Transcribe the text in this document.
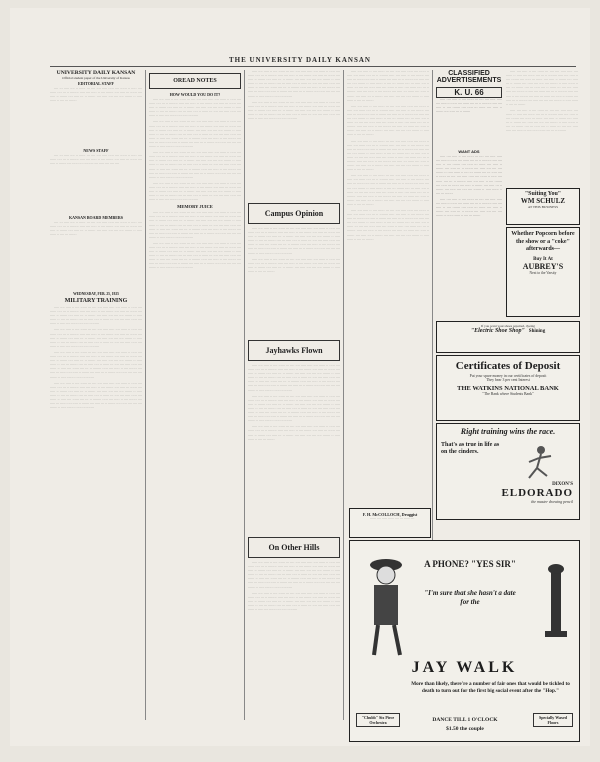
THE UNIVERSITY DAILY KANSAN
UNIVERSITY DAILY KANSAN
Official student paper of the University of Kansas
EDITORIAL STAFF

···· ··· ····· ···· ·· ······ ··· ···· ···· ····· ····· ···· ······ ·· ····· ···· ······ ···· ··· ·· ········ ····· ···· ····· ·· ···· ······· ···· ····· ··· ······ ···· ····· ·· ······· ···· ····· ··· ·· ······· ···· ····· ···· ···· ···· ······· ·· ····· ······ ·· ···· ··· ·······

NEWS STAFF

···· ··· ····· ···· ·· ······ ··· ···· ···· ····· ····· ···· ······ ·· ····· ···· ······ ···· ··· ·· ········ ····· ···· ····· ·· ···· ······· ···· ····· ··· ······ ···· ····· ·· ······· ···· ····· ··· ·· ······· ···· ····· ···· ···· ····

KANSAN BOARD MEMBERS

···· ··· ····· ···· ·· ······ ··· ···· ···· ····· ····· ···· ······ ·· ····· ···· ······ ···· ··· ·· ········ ····· ···· ····· ·· ···· ······· ···· ····· ··· ······ ···· ····· ·· ······· ···· ····· ··· ·· ······· ···· ····· ···· ···· ···· ······· ·· ····· ······ ·· ···· ··· ·······

WEDNESDAY, FEB. 25, 1925
MILITARY TRAINING

····· ···· ····· ·· ···· ······ ··· ···· ···· ····· ····· ···· ······ ·· ····· ···· ······ ···· ··· ·· ········ ····· ···· ····· ·· ···· ······· ···· ····· ··· ······ ···· ····· ·· ······· ···· ····· ··· ·· ······· ···· ····· ···· ···· ···· ······· ·· ····· ······ ·· ···· ··· ······· ···· ··· ····· ···· ·· ······ ··· ···· ···· ····· ····· ···· ······ ·· ····· ···· ······ ···· ··· ·· ········

····· ···· ····· ·· ···· ······ ··· ···· ···· ····· ····· ···· ······ ·· ····· ···· ······ ···· ··· ·· ········ ····· ···· ····· ·· ···· ······· ···· ····· ··· ······ ···· ····· ·· ······· ···· ····· ··· ·· ······· ···· ····· ···· ···· ···· ······· ·· ····· ······ ·· ···· ··· ······· ···· ··· ····· ···· ·· ······ ··· ···· ···· ····· ····· ···· ······ ·· ····· ···· ······ ···· ··· ·· ········

····· ···· ····· ·· ···· ······ ··· ···· ···· ····· ····· ···· ······ ·· ····· ···· ······ ···· ··· ·· ········ ····· ···· ····· ·· ···· ······· ···· ····· ··· ······ ···· ····· ·· ······· ···· ····· ··· ·· ······· ···· ····· ···· ···· ···· ······· ·· ····· ······ ·· ···· ··· ······· ···· ··· ····· ···· ·· ······ ··· ···· ···· ····· ····· ···· ······ ·· ····· ···· ······ ···· ··· ·· ········ ····· ···· ····· ·· ···· ······· ···· ····· ··· ······ ···· ····· ·· ······· ···· ····· ··· ·· ······· ···· ····· ···· ···· ···· ······· ·· ····· ······ ·· ···· ··· ·······

····· ···· ····· ·· ···· ······ ··· ···· ···· ····· ····· ···· ······ ·· ····· ···· ······ ···· ··· ·· ········ ····· ···· ····· ·· ···· ······· ···· ····· ··· ······ ···· ····· ·· ······· ···· ····· ··· ·· ······· ···· ····· ···· ···· ···· ······· ·· ····· ······ ·· ···· ··· ······· ···· ··· ····· ···· ·· ······ ··· ···· ···· ····· ····· ···· ······ ·· ····· ···· ······ ···· ··· ·· ········ ····· ···· ····· ·· ···· ······· ···· ····· ··· ······ ···· ····· ·· ······· ···· ····· ··· ·· ······· ···· ····· ···· ···· ···· ······· ·· ····· ······ ·· ···· ··· ·······

OREAD NOTES
HOW WOULD YOU DO IT?

····· ···· ····· ·· ···· ······ ··· ···· ···· ····· ····· ···· ······ ·· ····· ···· ······ ···· ··· ·· ········ ····· ···· ····· ·· ···· ······· ···· ····· ··· ······ ···· ····· ·· ······· ···· ····· ··· ·· ······· ···· ····· ···· ···· ···· ······· ·· ····· ······ ·· ···· ··· ······· ···· ··· ····· ···· ·· ······ ··· ···· ···· ····· ····· ···· ······ ·· ····· ···· ······ ···· ··· ·· ········

····· ···· ····· ·· ···· ······ ··· ···· ···· ····· ····· ···· ······ ·· ····· ···· ······ ···· ··· ·· ········ ····· ···· ····· ·· ···· ······· ···· ····· ··· ······ ···· ····· ·· ······· ···· ····· ··· ·· ······· ···· ····· ···· ···· ···· ······· ·· ····· ······ ·· ···· ··· ······· ···· ··· ····· ···· ·· ······ ··· ···· ···· ····· ····· ···· ······ ·· ····· ···· ······ ···· ··· ·· ········ ····· ···· ····· ·· ···· ······· ···· ····· ··· ······ ···· ····· ·· ······· ···· ····· ··· ·· ······· ···· ····· ···· ···· ···· ······· ·· ····· ······ ·· ···· ··· ·······

····· ···· ····· ·· ···· ······ ··· ···· ···· ····· ····· ···· ······ ·· ····· ···· ······ ···· ··· ·· ········ ····· ···· ····· ·· ···· ······· ···· ····· ··· ······ ···· ····· ·· ······· ···· ····· ··· ·· ······· ···· ····· ···· ···· ···· ······· ·· ····· ······ ·· ···· ··· ······· ···· ··· ····· ···· ·· ······ ··· ···· ···· ····· ····· ···· ······ ·· ····· ···· ······ ···· ··· ·· ········ ····· ···· ····· ·· ···· ······· ···· ····· ··· ······ ···· ····· ·· ······· ···· ····· ··· ·· ······· ···· ····· ···· ···· ···· ······· ·· ····· ······ ·· ···· ··· ·······

····· ···· ····· ·· ···· ······ ··· ···· ···· ····· ····· ···· ······ ·· ····· ···· ······ ···· ··· ·· ········ ····· ···· ····· ·· ···· ······· ···· ····· ··· ······ ···· ····· ·· ······· ···· ····· ··· ·· ······· ···· ····· ···· ···· ···· ······· ·· ····· ······ ·· ···· ··· ······· ···· ··· ····· ···· ·· ······ ··· ···· ···· ····· ····· ···· ······ ·· ····· ···· ······ ···· ··· ·· ········

MEMORY JUICE

····· ···· ····· ·· ···· ······ ··· ···· ···· ····· ····· ···· ······ ·· ····· ···· ······ ···· ··· ·· ········ ····· ···· ····· ·· ···· ······· ···· ····· ··· ······ ···· ····· ·· ······· ···· ····· ··· ·· ······· ···· ····· ···· ···· ···· ······· ·· ····· ······ ·· ···· ··· ······· ···· ··· ····· ···· ·· ······ ··· ···· ···· ····· ····· ···· ······ ·· ····· ···· ······ ···· ··· ·· ········ ····· ···· ····· ·· ···· ······· ···· ····· ··· ······ ···· ····· ·· ······· ···· ····· ··· ·· ······· ···· ····· ···· ···· ···· ······· ·· ····· ······ ·· ···· ··· ·······

····· ···· ····· ·· ···· ······ ··· ···· ···· ····· ····· ···· ······ ·· ····· ···· ······ ···· ··· ·· ········ ····· ···· ····· ·· ···· ······· ···· ····· ··· ······ ···· ····· ·· ······· ···· ····· ··· ·· ······· ···· ····· ···· ···· ···· ······· ·· ····· ······ ·· ···· ··· ······· ···· ··· ····· ···· ·· ······ ··· ···· ···· ····· ····· ···· ······ ·· ····· ···· ······ ···· ··· ·· ········ ····· ···· ····· ·· ···· ······· ···· ····· ··· ······ ···· ····· ·· ······· ···· ····· ··· ·· ······· ···· ····· ···· ···· ···· ······· ·· ····· ······ ·· ···· ··· ·······

····· ···· ····· ·· ···· ······ ··· ···· ···· ····· ····· ···· ······ ·· ····· ···· ······ ···· ··· ·· ········ ····· ···· ····· ·· ···· ······· ···· ····· ··· ······ ···· ····· ·· ······· ···· ····· ··· ·· ······· ···· ····· ···· ···· ···· ······· ·· ····· ······ ·· ···· ··· ······· ···· ··· ····· ···· ·· ······ ··· ···· ···· ····· ····· ···· ······ ·· ····· ···· ······ ···· ··· ·· ········ ····· ···· ····· ·· ···· ······· ···· ····· ··· ······ ···· ····· ·· ······· ···· ····· ··· ·· ······· ···· ····· ···· ···· ···· ······· ·· ····· ······ ·· ···· ··· ·······

····· ···· ····· ·· ···· ······ ··· ···· ···· ····· ····· ···· ······ ·· ····· ···· ······ ···· ··· ·· ········ ····· ···· ····· ·· ···· ······· ···· ····· ··· ······ ···· ····· ·· ······· ···· ····· ··· ·· ······· ···· ····· ···· ···· ···· ······· ·· ····· ······ ·· ···· ··· ······· ···· ··· ····· ···· ·· ······ ··· ···· ···· ····· ····· ···· ······ ·· ····· ···· ······ ···· ··· ·· ········

Campus Opinion

····· ···· ····· ·· ···· ······ ··· ···· ···· ····· ····· ···· ······ ·· ····· ···· ······ ···· ··· ·· ········ ····· ···· ····· ·· ···· ······· ···· ····· ··· ······ ···· ····· ·· ······· ···· ····· ··· ·· ······· ···· ····· ···· ···· ···· ······· ·· ····· ······ ·· ···· ··· ······· ···· ··· ····· ···· ·· ······ ··· ···· ···· ····· ····· ···· ······ ·· ····· ···· ······ ···· ··· ·· ········ ····· ···· ····· ·· ···· ······· ···· ····· ··· ······ ···· ····· ·· ······· ···· ····· ··· ·· ······· ···· ····· ···· ···· ···· ······· ·· ····· ······ ·· ···· ··· ·······

····· ···· ····· ·· ···· ······ ··· ···· ···· ····· ····· ···· ······ ·· ····· ···· ······ ···· ··· ·· ········ ····· ···· ····· ·· ···· ······· ···· ····· ··· ······ ···· ····· ·· ······· ···· ····· ··· ·· ······· ···· ····· ···· ···· ···· ······· ·· ····· ······ ·· ···· ··· ·······

Jayhawks Flown

····· ···· ····· ·· ···· ······ ··· ···· ···· ····· ····· ···· ······ ·· ····· ···· ······ ···· ··· ·· ········ ····· ···· ····· ·· ···· ······· ···· ····· ··· ······ ···· ····· ·· ······· ···· ····· ··· ·· ······· ···· ····· ···· ···· ···· ······· ·· ····· ······ ·· ···· ··· ······· ···· ··· ····· ···· ·· ······ ··· ···· ···· ····· ····· ···· ······ ·· ····· ···· ······ ···· ··· ·· ········ ····· ···· ····· ·· ···· ······· ···· ····· ··· ······ ···· ····· ·· ······· ···· ····· ··· ·· ······· ···· ····· ···· ···· ···· ······· ·· ····· ······ ·· ···· ··· ·······

····· ···· ····· ·· ···· ······ ··· ···· ···· ····· ····· ···· ······ ·· ····· ···· ······ ···· ··· ·· ········ ····· ···· ····· ·· ···· ······· ···· ····· ··· ······ ···· ····· ·· ······· ···· ····· ··· ·· ······· ···· ····· ···· ···· ···· ······· ·· ····· ······ ·· ···· ··· ······· ···· ··· ····· ···· ·· ······ ··· ···· ···· ····· ····· ···· ······ ·· ····· ···· ······ ···· ··· ·· ········ ····· ···· ····· ·· ···· ······· ···· ····· ··· ······ ···· ····· ·· ······· ···· ····· ··· ·· ······· ···· ····· ···· ···· ···· ······· ·· ····· ······ ·· ···· ··· ·······

····· ···· ····· ·· ···· ······ ··· ···· ···· ····· ····· ···· ······ ·· ····· ···· ······ ···· ··· ·· ········ ····· ···· ····· ·· ···· ······· ···· ····· ··· ······ ···· ····· ·· ······· ···· ····· ··· ·· ······· ···· ····· ···· ···· ···· ······· ·· ····· ······ ·· ···· ··· ·······

On Other Hills

····· ···· ····· ·· ···· ······ ··· ···· ···· ····· ····· ···· ······ ·· ····· ···· ······ ···· ··· ·· ········ ····· ···· ····· ·· ···· ······· ···· ····· ··· ······ ···· ····· ·· ······· ···· ····· ··· ·· ······· ···· ····· ···· ···· ···· ······· ·· ····· ······ ·· ···· ··· ······· ···· ··· ····· ···· ·· ······ ··· ···· ···· ····· ····· ···· ······ ·· ····· ···· ······ ···· ··· ·· ········ ····· ···· ····· ·· ···· ······· ···· ····· ··· ······ ···· ····· ·· ······· ···· ····· ··· ·· ······· ···· ····· ···· ···· ···· ······· ·· ····· ······ ·· ···· ··· ·······

····· ···· ····· ·· ···· ······ ··· ···· ···· ····· ····· ···· ······ ·· ····· ···· ······ ···· ··· ·· ········ ····· ···· ····· ·· ···· ······· ···· ····· ··· ······ ···· ····· ·· ······· ···· ····· ··· ·· ······· ···· ····· ···· ···· ···· ······· ·· ····· ······ ·· ···· ··· ······· ···· ··· ····· ···· ·· ······ ··· ···· ···· ····· ····· ···· ······ ·· ····· ···· ······ ···· ··· ·· ········

····· ···· ····· ·· ···· ······ ··· ···· ···· ····· ····· ···· ······ ·· ····· ···· ······ ···· ··· ·· ········ ····· ···· ····· ·· ···· ······· ···· ····· ··· ······ ···· ····· ·· ······· ···· ····· ··· ·· ······· ···· ····· ···· ···· ···· ······· ·· ····· ······ ·· ···· ··· ······· ···· ··· ····· ···· ·· ······ ··· ···· ···· ····· ····· ···· ······ ·· ····· ···· ······ ···· ··· ·· ········ ····· ···· ····· ·· ···· ······· ···· ····· ··· ······ ···· ····· ·· ······· ···· ····· ··· ·· ······· ···· ····· ···· ···· ···· ······· ·· ····· ······ ·· ···· ··· ·······

····· ···· ····· ·· ···· ······ ··· ···· ···· ····· ····· ···· ······ ·· ····· ···· ······ ···· ··· ·· ········ ····· ···· ····· ·· ···· ······· ···· ····· ··· ······ ···· ····· ·· ······· ···· ····· ··· ·· ······· ···· ····· ···· ···· ···· ······· ·· ····· ······ ·· ···· ··· ······· ···· ··· ····· ···· ·· ······ ··· ···· ···· ····· ····· ···· ······ ·· ····· ···· ······ ···· ··· ·· ········ ····· ···· ····· ·· ···· ······· ···· ····· ··· ······ ···· ····· ·· ······· ···· ····· ··· ·· ······· ···· ····· ···· ···· ···· ······· ·· ····· ······ ·· ···· ··· ·······

····· ···· ····· ·· ···· ······ ··· ···· ···· ····· ····· ···· ······ ·· ····· ···· ······ ···· ··· ·· ········ ····· ···· ····· ·· ···· ······· ···· ····· ··· ······ ···· ····· ·· ······· ···· ····· ··· ·· ······· ···· ····· ···· ···· ···· ······· ·· ····· ······ ·· ···· ··· ······· ···· ··· ····· ···· ·· ······ ··· ···· ···· ····· ····· ···· ······ ·· ····· ···· ······ ···· ··· ·· ········ ····· ···· ····· ·· ···· ······· ···· ····· ··· ······ ···· ····· ·· ······· ···· ····· ··· ·· ······· ···· ····· ···· ···· ···· ······· ·· ····· ······ ·· ···· ··· ·······

····· ···· ····· ·· ···· ······ ··· ···· ···· ····· ····· ···· ······ ·· ····· ···· ······ ···· ··· ·· ········ ····· ···· ····· ·· ···· ······· ···· ····· ··· ······ ···· ····· ·· ······· ···· ····· ··· ·· ······· ···· ····· ···· ···· ···· ······· ·· ····· ······ ·· ···· ··· ······· ···· ··· ····· ···· ·· ······ ··· ···· ···· ····· ····· ···· ······ ·· ····· ···· ······ ···· ··· ·· ········ ····· ···· ····· ·· ···· ······· ···· ····· ··· ······ ···· ····· ·· ······· ···· ····· ··· ·· ······· ···· ····· ···· ···· ···· ······· ·· ····· ······ ·· ···· ··· ·······

····· ···· ····· ·· ···· ······ ··· ···· ···· ····· ····· ···· ······ ·· ····· ···· ······ ···· ··· ·· ········ ····· ···· ····· ·· ···· ······· ···· ····· ··· ······ ···· ····· ·· ······· ···· ····· ··· ·· ······· ···· ····· ···· ···· ···· ······· ·· ····· ······ ·· ···· ··· ······· ···· ··· ····· ···· ·· ······ ··· ···· ···· ····· ····· ···· ······ ·· ····· ···· ······ ···· ··· ·· ········ ····· ···· ····· ·· ···· ······· ···· ····· ··· ······ ···· ····· ·· ······· ···· ····· ··· ·· ······· ···· ····· ···· ···· ···· ······· ·· ····· ······ ·· ···· ··· ·······

CLASSIFIED ADVERTISEMENTS
K. U. 66

····· ···· ····· ·· ···· ······ ··· ···· ···· ····· ····· ···· ······ ·· ····· ···· ······ ···· ··· ·· ········ ····· ···· ····· ·· ···· ······· ···· ····· ··· ······ ···· ····· ·· ······· ···· ····· ··· ·· ·······

WANT ADS

····· ···· ····· ·· ···· ······ ··· ···· ···· ····· ····· ···· ······ ·· ····· ···· ······ ···· ··· ·· ········ ····· ···· ····· ·· ···· ······· ···· ····· ··· ······ ···· ····· ·· ······· ···· ····· ··· ·· ······· ···· ····· ···· ···· ···· ······· ·· ····· ······ ·· ···· ··· ······· ···· ··· ····· ···· ·· ······ ··· ···· ···· ····· ····· ···· ······ ·· ····· ···· ······ ···· ··· ·· ········ ····· ···· ····· ·· ···· ······· ···· ····· ··· ······ ···· ····· ·· ······· ···· ····· ··· ·· ······· ···· ····· ···· ···· ···· ······· ·· ····· ······ ·· ···· ··· ·······

····· ···· ····· ·· ···· ······ ··· ···· ···· ····· ····· ···· ······ ·· ····· ···· ······ ···· ··· ·· ········ ····· ···· ····· ·· ···· ······· ···· ····· ··· ······ ···· ····· ·· ······· ···· ····· ··· ·· ······· ···· ····· ···· ···· ···· ······· ·· ····· ······ ·· ···· ··· ·······

····· ···· ····· ·· ···· ······ ··· ···· ···· ····· ····· ···· ······ ·· ····· ···· ······ ···· ··· ·· ········ ····· ···· ····· ·· ···· ······· ···· ····· ··· ······ ···· ····· ·· ······· ···· ····· ··· ·· ······· ···· ····· ···· ···· ···· ······· ·· ····· ······ ·· ···· ··· ······· ···· ··· ····· ···· ·· ······ ··· ···· ···· ····· ····· ···· ······ ·· ····· ···· ······ ···· ··· ·· ········ ····· ···· ····· ·· ···· ······· ···· ····· ··· ······ ···· ····· ·· ······· ···· ····· ··· ·· ······· ···· ····· ···· ···· ···· ······· ·· ····· ······ ·· ···· ··· ·······

····· ···· ····· ·· ···· ······ ··· ···· ···· ····· ····· ···· ······ ·· ····· ···· ······ ···· ··· ·· ········ ····· ···· ····· ·· ···· ······· ···· ····· ··· ······ ···· ····· ·· ······· ···· ····· ··· ·· ······· ···· ····· ···· ···· ···· ······· ·· ····· ······ ·· ···· ··· ······· ···· ··· ····· ···· ·· ······ ··· ···· ···· ····· ····· ···· ······ ·· ····· ···· ······ ···· ··· ·· ········

"Suiting You"
WM SCHULZ
AT THIS BUSINESS
Whether Popcorn before the show or a "coke" afterwards—
Buy It At
AUBREY'S
Next to the Varsity
If you want your shoes repaired, dyeing
"Electric Shoe Shop" Shining
Certificates of Deposit
Put your spare money in our certificates of deposit
They bear 3 per cent Interest
THE WATKINS NATIONAL BANK
"The Bank where Students Bank"
Right training wins the race.
That's as true in life as on the cinders.
DIXON'S
ELDORADO
the master drawing pencil
F. H. McCOLLOCH, Druggist

······ ···· ····· ······ ···· ··· ······ ···

A PHONE? "YES SIR"
"I'm sure that she hasn't a date for the
JAY WALK
More than likely, there're a number of fair ones that would be tickled to death to turn out for the first big social event after the "Hop."
"Chubb" Six Piece Orchestra	DANCE TILL 1 O'CLOCK
$1.50 the couple
Specially Waxed Floors
